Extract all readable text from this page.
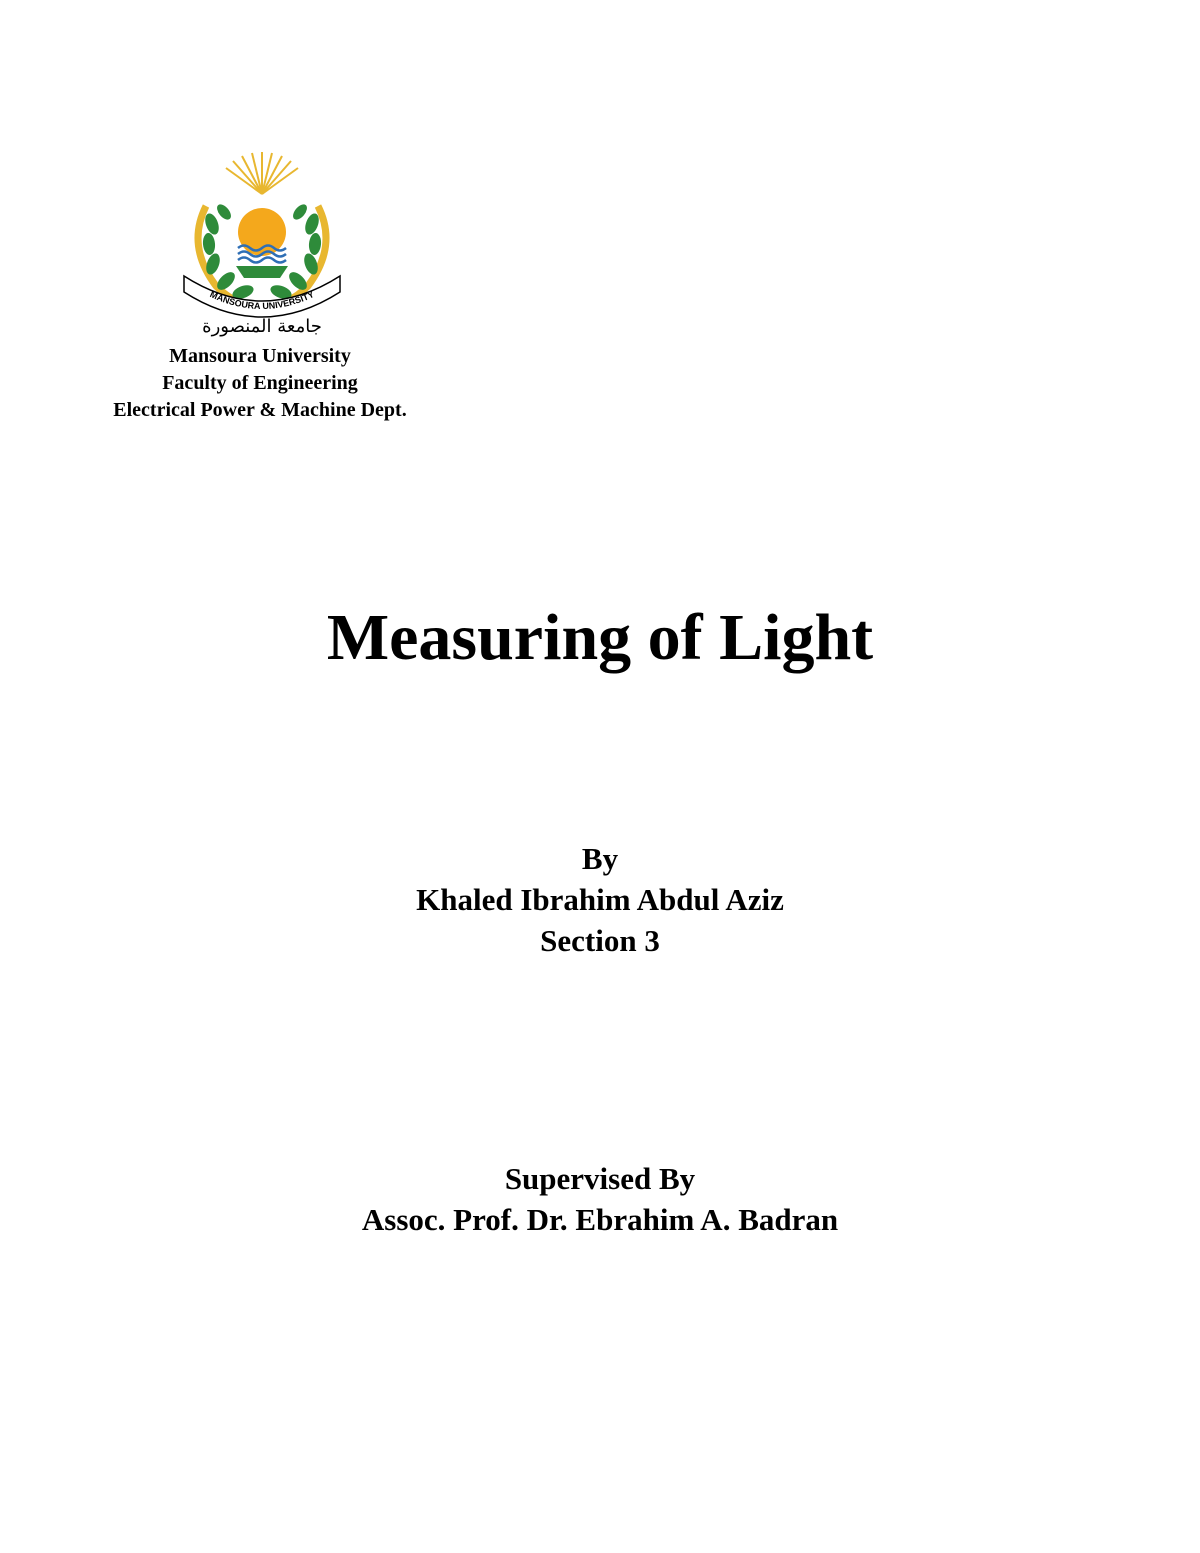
MANSOURA UNIVERSITY
جامعة المنصورة
Mansoura University
Faculty of Engineering
Electrical Power & Machine Dept.
Measuring of Light
By
Khaled Ibrahim Abdul Aziz
Section 3
Supervised By
Assoc. Prof. Dr. Ebrahim A. Badran
